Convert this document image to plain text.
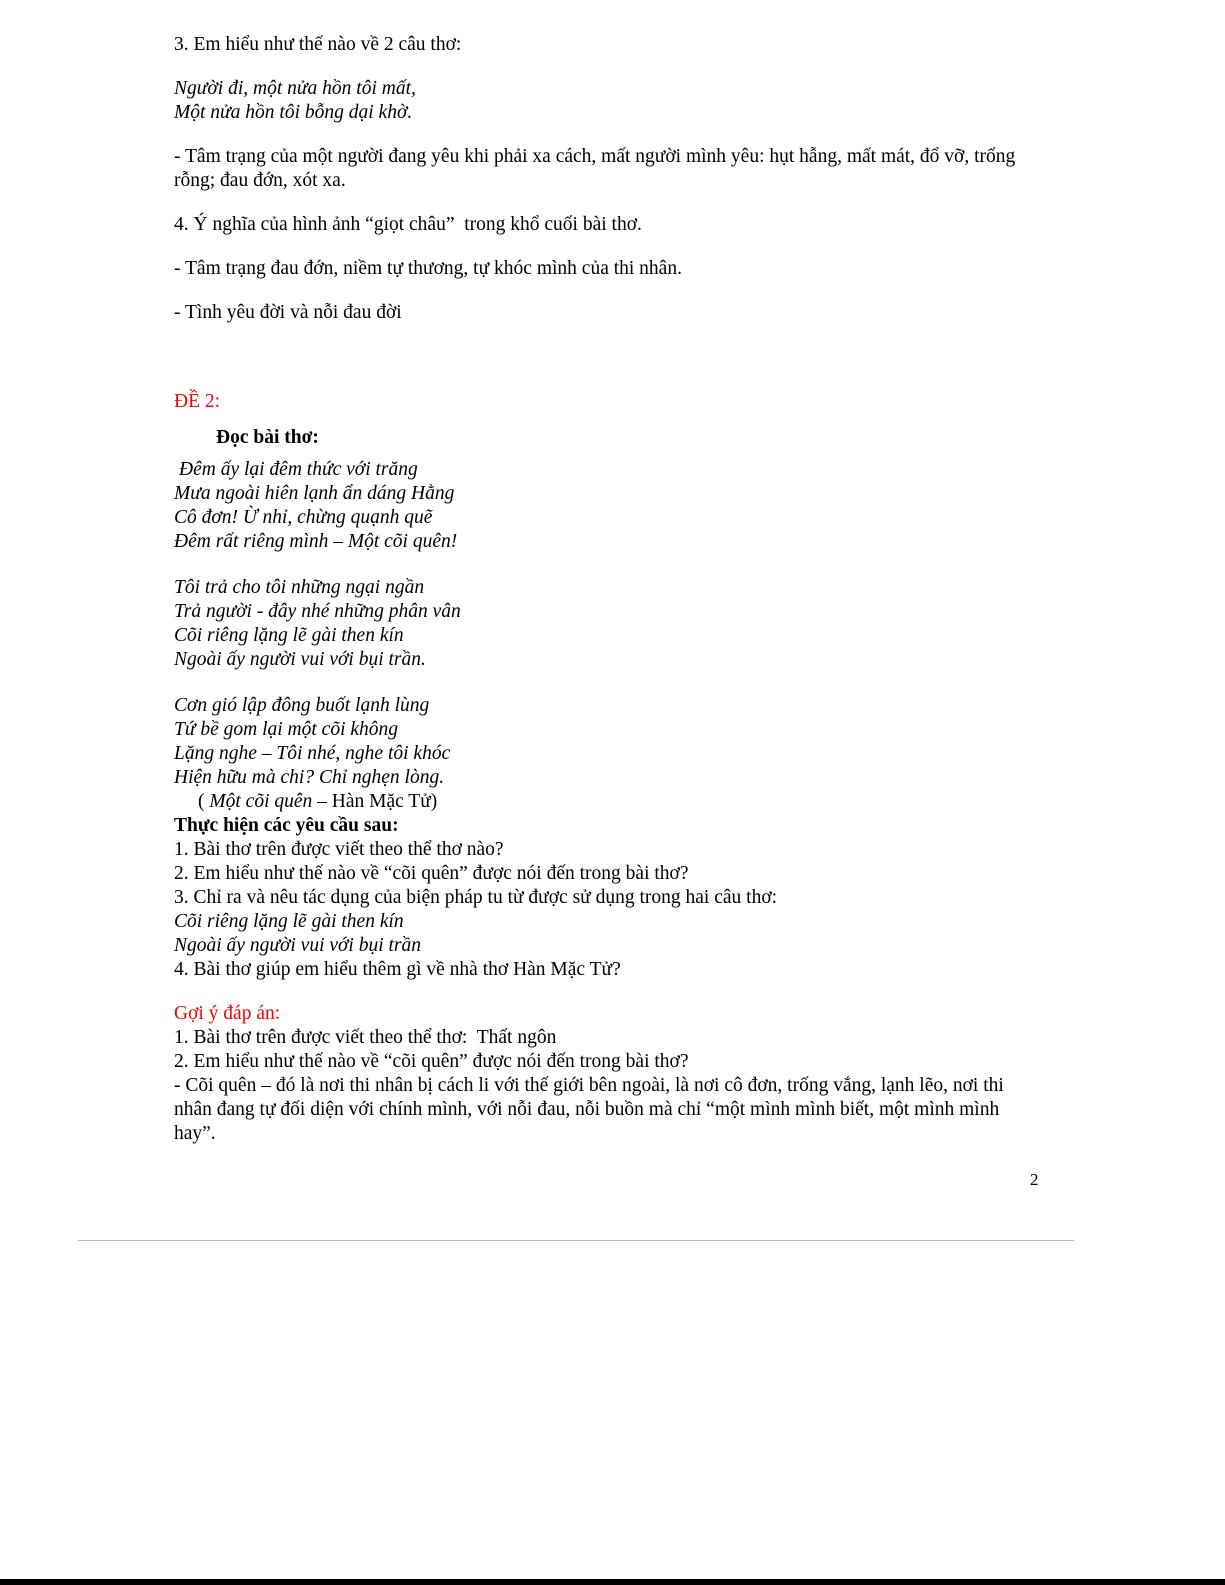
3. Em hiểu như thế nào về 2 câu thơ:

Người đi, một nửa hồn tôi mất,

Một nửa hồn tôi bỗng dại khờ.

- Tâm trạng của một người đang yêu khi phải xa cách, mất người mình yêu: hụt hẫng, mất mát, đổ vỡ, trống rỗng; đau đớn, xót xa.

4. Ý nghĩa của hình ảnh “giọt châu”  trong khổ cuối bài thơ.

- Tâm trạng đau đớn, niềm tự thương, tự khóc mình của thi nhân.

- Tình yêu đời và nỗi đau đời

ĐỀ 2:

Đọc bài thơ:

Đêm ấy lại đêm thức với trăng

Mưa ngoài hiên lạnh ẩn dáng Hằng

Cô đơn! Ừ nhỉ, chừng quạnh quẽ

Đêm rất riêng mình – Một cõi quên!

Tôi trả cho tôi những ngại ngần

Trả người - đây nhé những phân vân

Cõi riêng lặng lẽ gài then kín

Ngoài ấy người vui với bụi trần.

Cơn gió lập đông buốt lạnh lùng

Tứ bề gom lại một cõi không

Lặng nghe – Tôi nhé, nghe tôi khóc

Hiện hữu mà chi? Chỉ nghẹn lòng.

( Một cõi quên – Hàn Mặc Tử)

Thực hiện các yêu cầu sau:

1. Bài thơ trên được viết theo thể thơ nào?

2. Em hiểu như thế nào về “cõi quên” được nói đến trong bài thơ?

3. Chỉ ra và nêu tác dụng của biện pháp tu từ được sử dụng trong hai câu thơ:

Cõi riêng lặng lẽ gài then kín

Ngoài ấy người vui với bụi trần

4. Bài thơ giúp em hiểu thêm gì về nhà thơ Hàn Mặc Tử?

Gợi ý đáp án:

1. Bài thơ trên được viết theo thể thơ:  Thất ngôn

2. Em hiểu như thế nào về “cõi quên” được nói đến trong bài thơ?

- Cõi quên – đó là nơi thi nhân bị cách li với thế giới bên ngoài, là nơi cô đơn, trống vắng, lạnh lẽo, nơi thi nhân đang tự đối diện với chính mình, với nỗi đau, nỗi buồn mà chỉ “một mình mình biết, một mình mình hay”.

2
